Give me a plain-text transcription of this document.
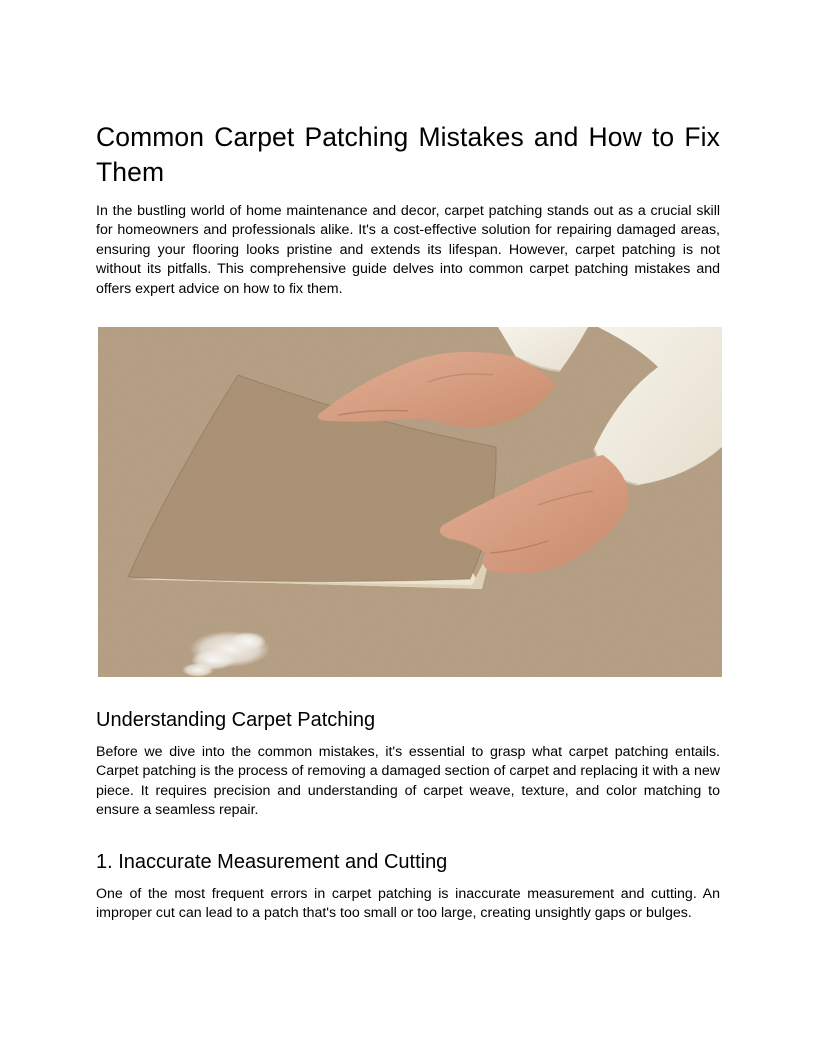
Common Carpet Patching Mistakes and How to Fix Them

In the bustling world of home maintenance and decor, carpet patching stands out as a crucial skill for homeowners and professionals alike. It's a cost-effective solution for repairing damaged areas, ensuring your flooring looks pristine and extends its lifespan. However, carpet patching is not without its pitfalls. This comprehensive guide delves into common carpet patching mistakes and offers expert advice on how to fix them.

Understanding Carpet Patching

Before we dive into the common mistakes, it's essential to grasp what carpet patching entails. Carpet patching is the process of removing a damaged section of carpet and replacing it with a new piece. It requires precision and understanding of carpet weave, texture, and color matching to ensure a seamless repair.

1. Inaccurate Measurement and Cutting

One of the most frequent errors in carpet patching is inaccurate measurement and cutting. An improper cut can lead to a patch that's too small or too large, creating unsightly gaps or bulges.
